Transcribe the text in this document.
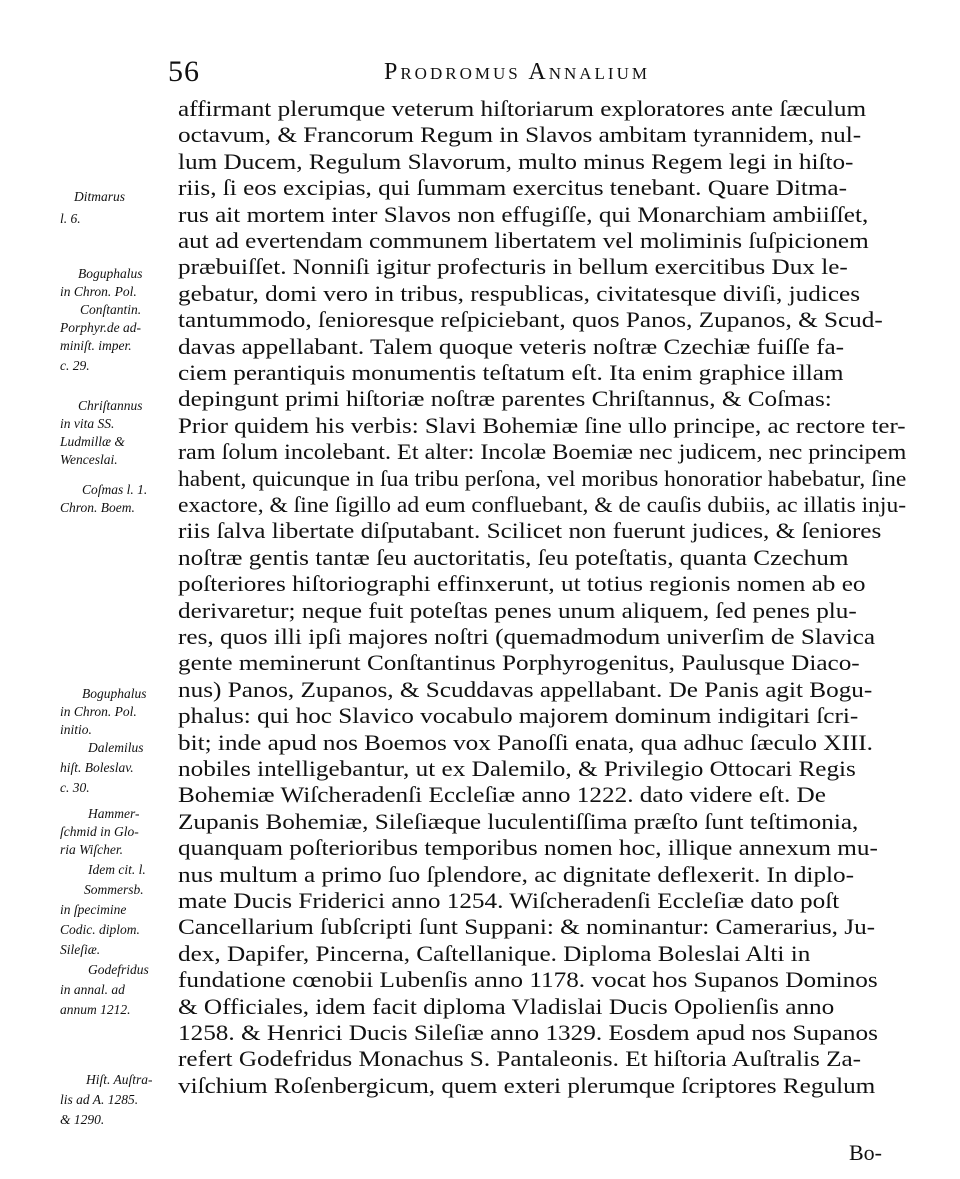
56	Prodromus Annalium
Ditmarus
l. 6.
Boguphalus
in Chron. Pol.
Conſtantin.
Porphyr.de ad-
miniſt. imper.
c. 29.
Chriſtannus
in vita SS.
Ludmillæ &
Wenceslai.
Coſmas l. 1.
Chron. Boem.
Boguphalus
in Chron. Pol.
initio.
Dalemilus
hiſt. Boleslav.
c. 30.
Hammer-
ſchmid in Glo-
ria Wiſcher.
Idem cit. l.
Sommersb.
in ſpecimine
Codic. diplom.
Sileſiæ.
Godefridus
in annal. ad
annum 1212.
Hiſt. Auſtra-
lis ad A. 1285.
& 1290.
affirmant plerumque veterum hiſtoriarum exploratores ante ſæculum
octavum, & Francorum Regum in Slavos ambitam tyrannidem, nul-
lum Ducem, Regulum Slavorum, multo minus Regem legi in hiſto-
riis, ſi eos excipias, qui ſummam exercitus tenebant. Quare Ditma-
rus ait mortem inter Slavos non effugiſſe, qui Monarchiam ambiiſſet,
aut ad evertendam communem libertatem vel moliminis ſuſpicionem
præbuiſſet. Nonniſi igitur profecturis in bellum exercitibus Dux le-
gebatur, domi vero in tribus, respublicas, civitatesque diviſi, judices
tantummodo, ſenioresque reſpiciebant, quos Panos, Zupanos, & Scud-
davas appellabant. Talem quoque veteris noſtræ Czechiæ fuiſſe fa-
ciem perantiquis monumentis teſtatum eſt. Ita enim graphice illam
depingunt primi hiſtoriæ noſtræ parentes Chriſtannus, & Coſmas:
Prior quidem his verbis: Slavi Bohemiæ ſine ullo principe, ac rectore ter-
ram ſolum incolebant. Et alter: Incolæ Boemiæ nec judicem, nec principem
habent, quicunque in ſua tribu perſona, vel moribus honoratior habebatur, ſine
exactore, & ſine ſigillo ad eum confluebant, & de cauſis dubiis, ac illatis inju-
riis ſalva libertate diſputabant. Scilicet non fuerunt judices, & ſeniores
noſtræ gentis tantæ ſeu auctoritatis, ſeu poteſtatis, quanta Czechum
poſteriores hiſtoriographi effinxerunt, ut totius regionis nomen ab eo
derivaretur; neque fuit poteſtas penes unum aliquem, ſed penes plu-
res, quos illi ipſi majores noſtri (quemadmodum univerſim de Slavica
gente meminerunt Conſtantinus Porphyrogenitus, Paulusque Diaco-
nus) Panos, Zupanos, & Scuddavas appellabant. De Panis agit Bogu-
phalus: qui hoc Slavico vocabulo majorem dominum indigitari ſcri-
bit; inde apud nos Boemos vox Panoſſi enata, qua adhuc ſæculo XIII.
nobiles intelligebantur, ut ex Dalemilo, & Privilegio Ottocari Regis
Bohemiæ Wiſcheradenſi Eccleſiæ anno 1222. dato videre eſt. De
Zupanis Bohemiæ, Sileſiæque luculentiſſima præſto ſunt teſtimonia,
quanquam poſterioribus temporibus nomen hoc, illique annexum mu-
nus multum a primo ſuo ſplendore, ac dignitate deflexerit. In diplo-
mate Ducis Friderici anno 1254. Wiſcheradenſi Eccleſiæ dato poſt
Cancellarium ſubſcripti ſunt Suppani: & nominantur: Camerarius, Ju-
dex, Dapifer, Pincerna, Caſtellanique. Diploma Boleslai Alti in
fundatione cœnobii Lubenſis anno 1178. vocat hos Supanos Dominos
& Officiales, idem facit diploma Vladislai Ducis Opolienſis anno
1258. & Henrici Ducis Sileſiæ anno 1329. Eosdem apud nos Supanos
refert Godefridus Monachus S. Pantaleonis. Et hiſtoria Auſtralis Za-
viſchium Roſenbergicum, quem exteri plerumque ſcriptores Regulum
Bo-
